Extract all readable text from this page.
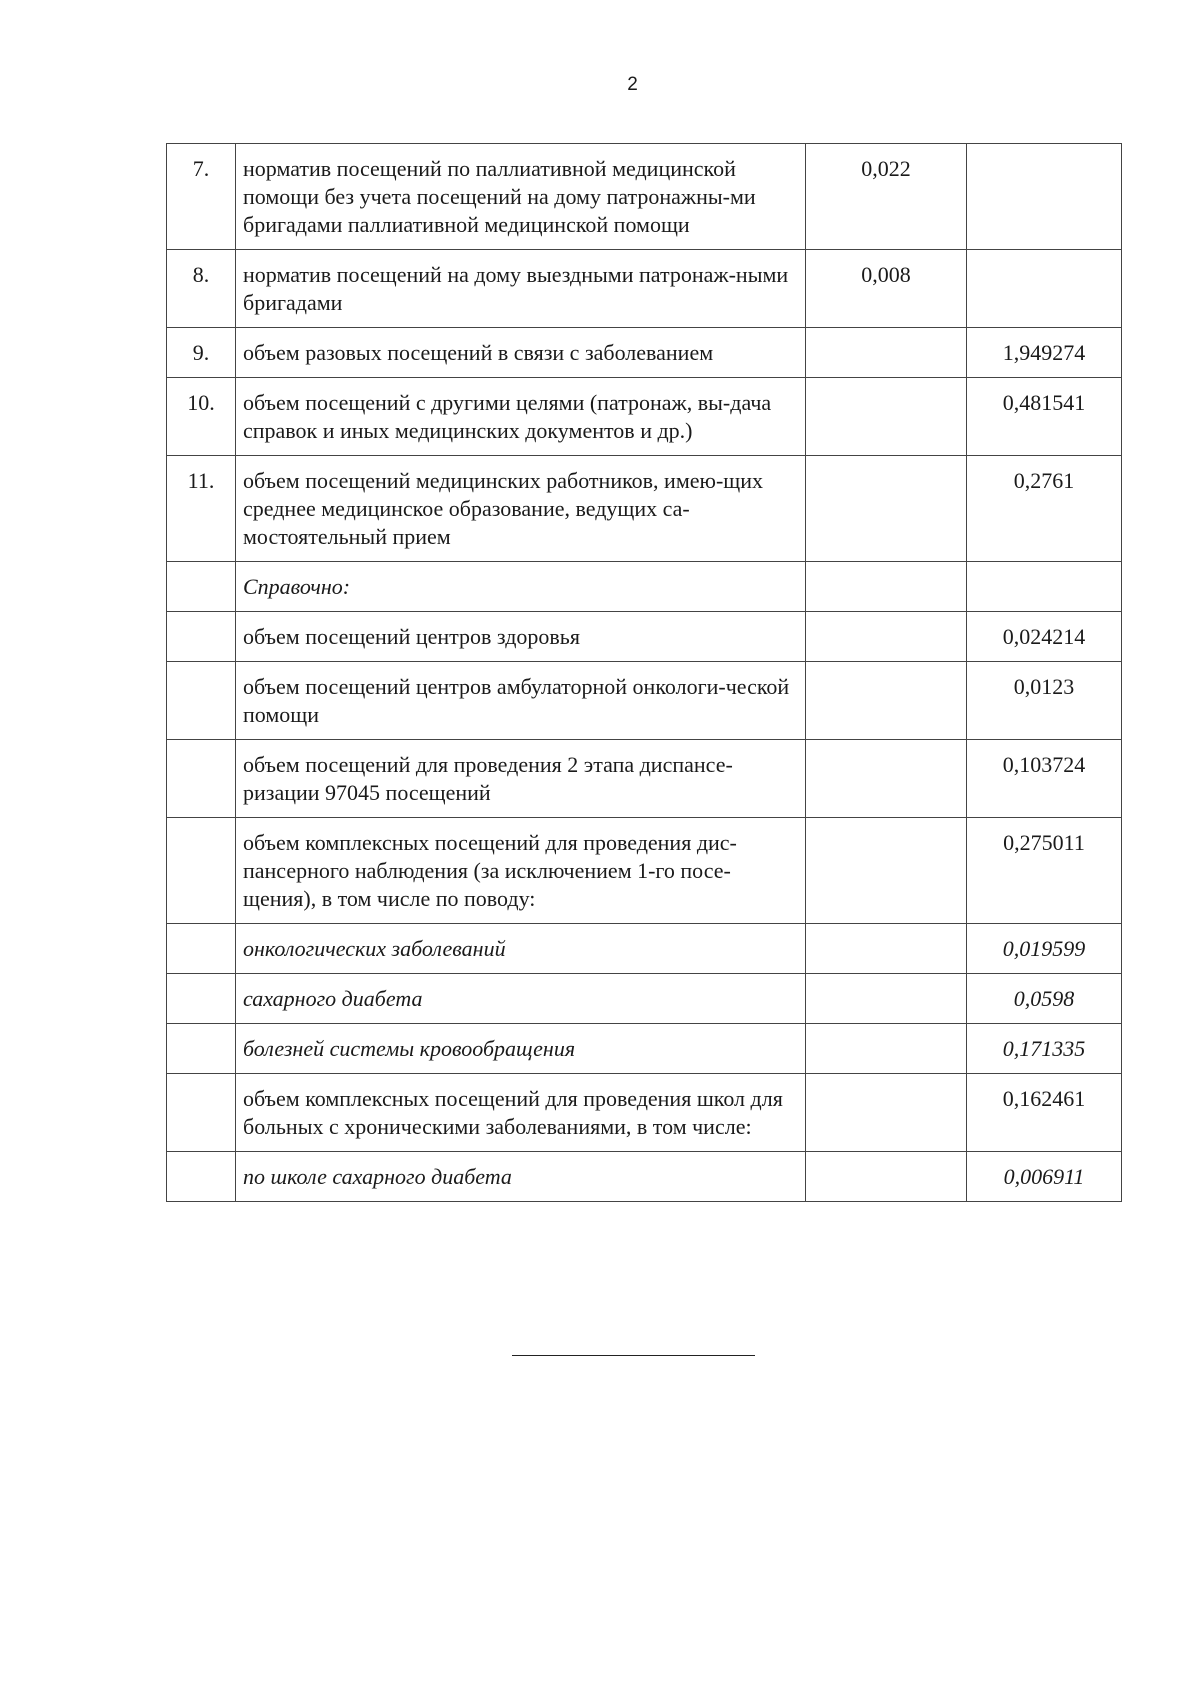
2
7.	норматив посещений по паллиативной медицинской помощи без учета посещений на дому патронажны-ми бригадами паллиативной медицинской помощи	0,022	
8.	норматив посещений на дому выездными патронаж-ными бригадами	0,008	
9.	объем разовых посещений в связи с заболеванием		1,949274
10.	объем посещений с другими целями (патронаж, вы-дача справок и иных медицинских документов и др.)		0,481541
11.	объем посещений медицинских работников, имею-щих среднее медицинское образование, ведущих са-мостоятельный прием		0,2761
	Справочно:		
	объем посещений центров здоровья		0,024214
	объем посещений центров амбулаторной онкологи-ческой помощи		0,0123
	объем посещений для проведения 2 этапа диспансе-ризации 97045 посещений		0,103724
	объем комплексных посещений для проведения дис-пансерного наблюдения (за исключением 1-го посе-щения), в том числе по поводу:		0,275011
	онкологических заболеваний		0,019599
	сахарного диабета		0,0598
	болезней системы кровообращения		0,171335
	объем комплексных посещений для проведения школ для больных с хроническими заболеваниями, в том числе:		0,162461
	по школе сахарного диабета		0,006911
